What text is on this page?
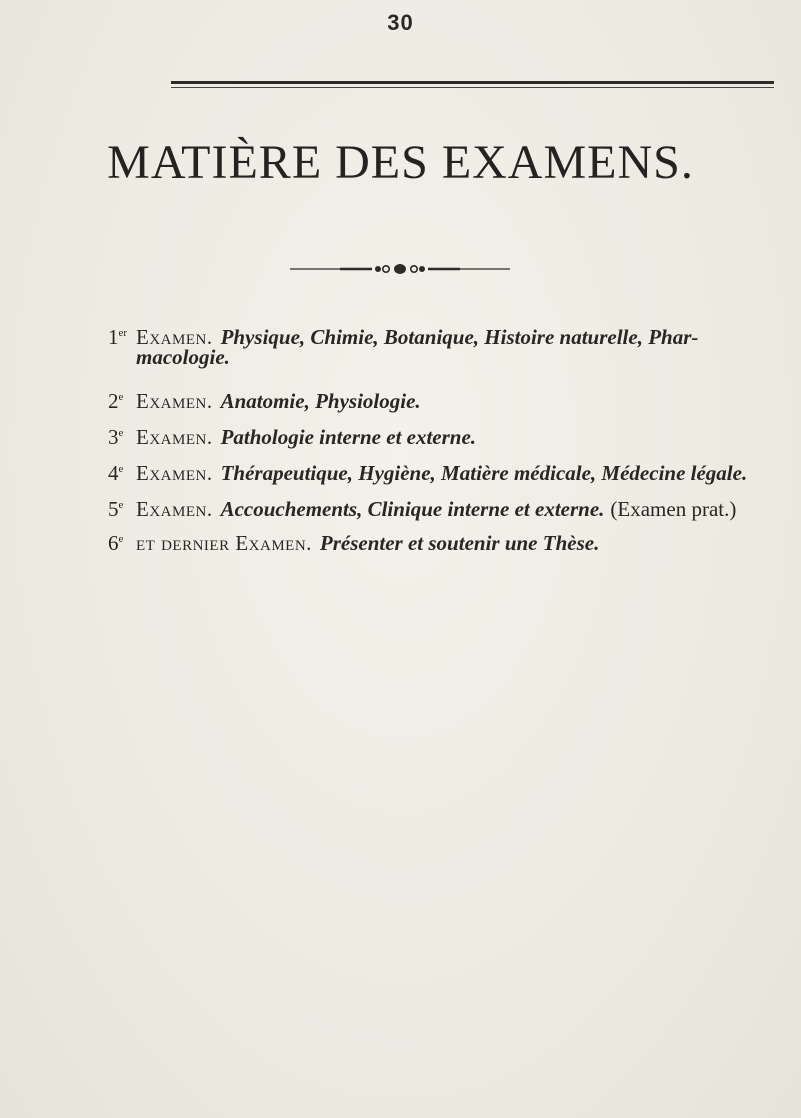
30
MATIÈRE DES EXAMENS.
1er Examen. Physique, Chimie, Botanique, Histoire naturelle, Phar-
macologie.
2e Examen. Anatomie, Physiologie.
3e Examen. Pathologie interne et externe.
4e Examen. Thérapeutique, Hygiène, Matière médicale, Médecine légale.
5e Examen. Accouchements, Clinique interne et externe. (Examen prat.)
6e et dernier Examen. Présenter et soutenir une Thèse.
